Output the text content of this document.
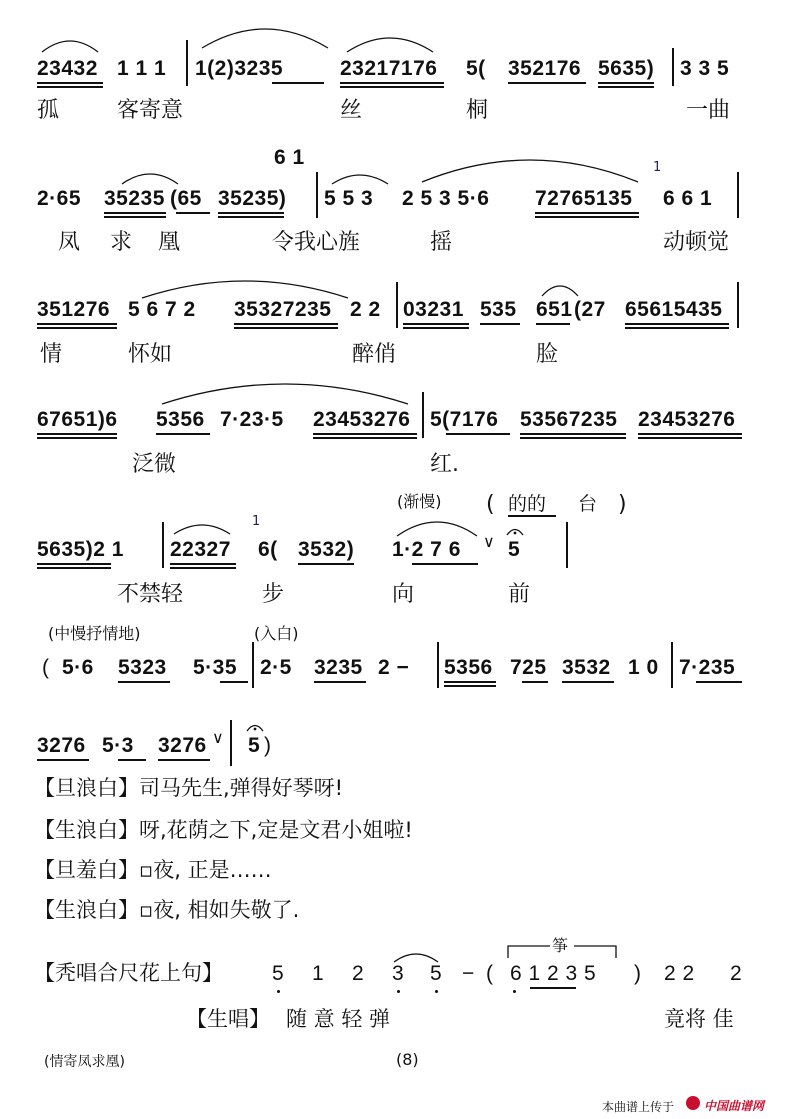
23432 1 1 1 1(2)3235	23217176 5( 352176 5635) 3 3 5
孤	客寄意	丝	桐	一曲
6 1
2·65 35235 (65 35235) 5 5 3 2 5 3 5·6 72765135
1
6 6 1
凤 求 凰	令我心旌	摇	动顿觉
351276 5 6 7 2 35327235 2 2 03231 535 651 (27 65615435
情	怀如	醉俏	脸
67651)6 5356 7·23·5 23453276 5(7176 53567235 23453276
泛微	红.
(渐慢) ( 的的 台 )
5635)2 1 22327
1
6( 3532) 1·2 7 6 ∨ 5
不禁轻	步	向	前
(中慢抒情地)	(入白)
( 5·6 5323 5·35 2·5 3235 2 − 5356 725 3532 1 0 7·235
3276 5·3 3276 ∨ 5 )
【旦浪白】司马先生,弹得好琴呀!
【生浪白】呀,花荫之下,定是文君小姐啦!
【旦羞白】▫夜, 正是……
【生浪白】▫夜, 相如失敬了.
【秃唱合尺花上句】 5 1 2 3 5 − (
筝
6 1 2 3 5 ) 2 2 2
【生唱】 随 意 轻 弹	竟将 佳
(情寄凤求凰)	(8)
本曲谱上传于 中国曲谱网
